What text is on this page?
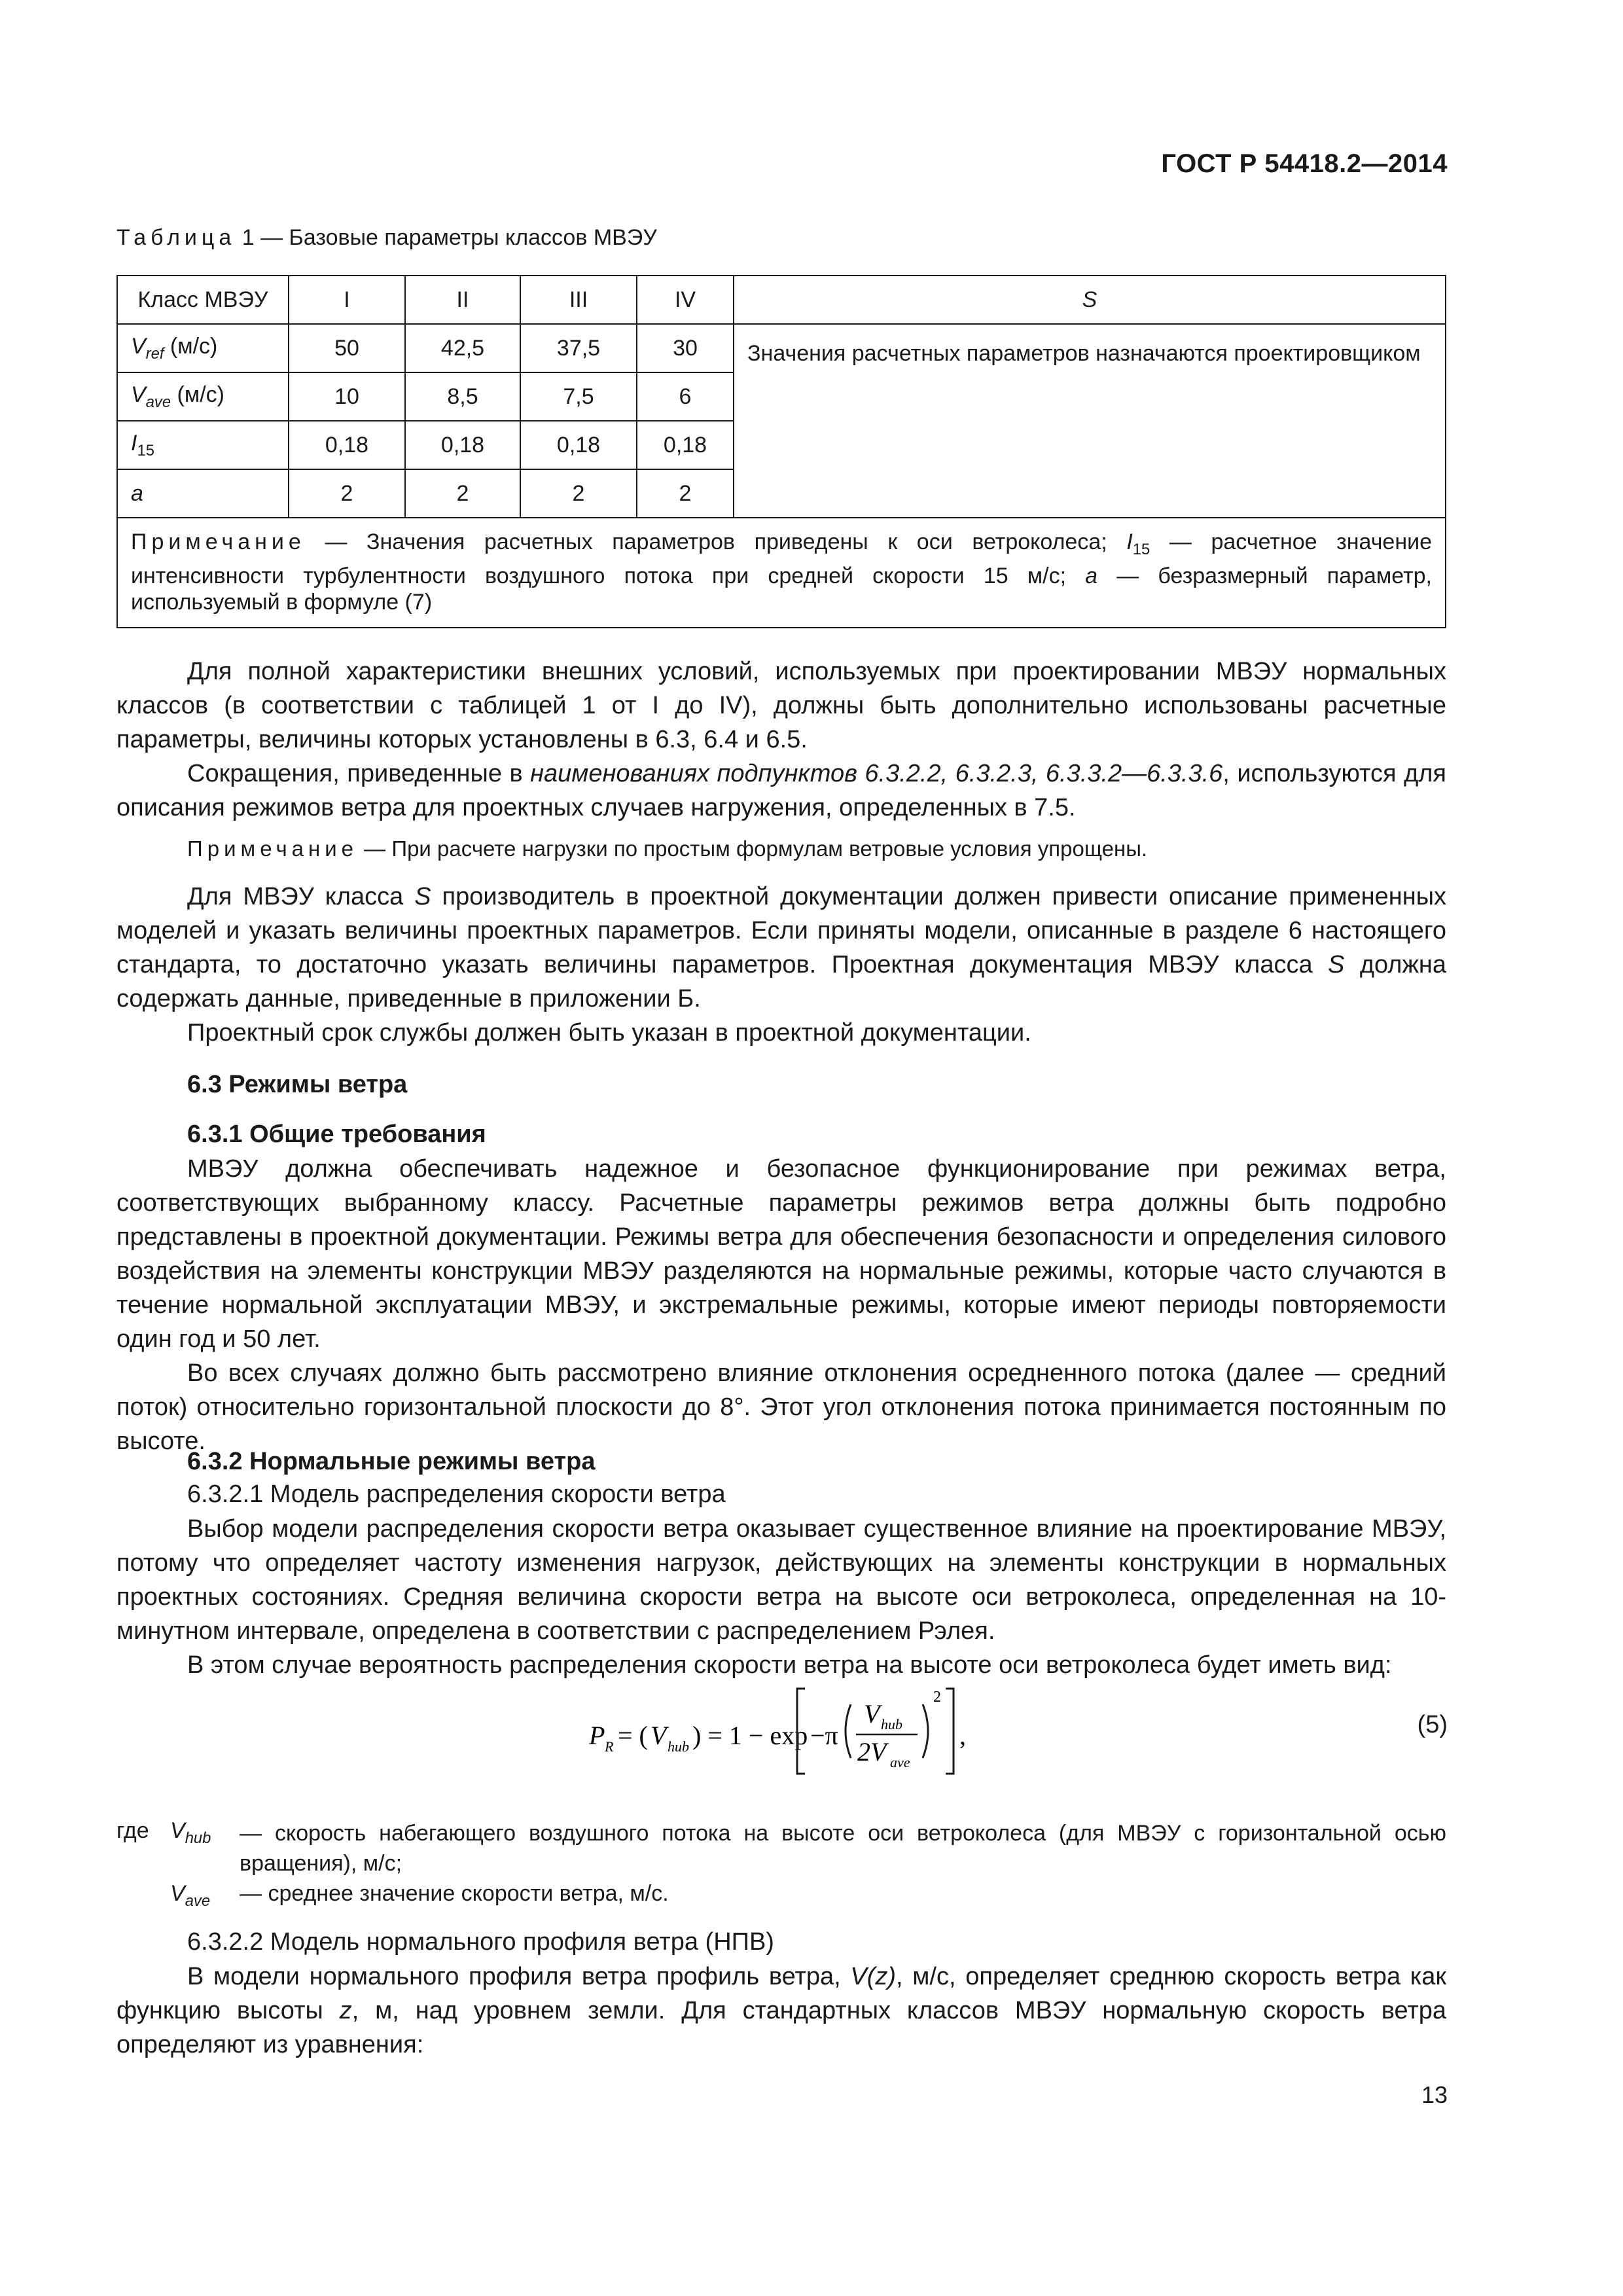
ГОСТ Р 54418.2—2014
Таблица 1 — Базовые параметры классов МВЭУ
Класс МВЭУ	I	II	III	IV	S
$V_{ref}$ (м/с)	50	42,5	37,5	30	Значения расчетных параметров назначаются проектировщиком
$V_{ave}$ (м/с)	10	8,5	7,5	6	
$I_{15}$	0,18	0,18	0,18	0,18	
a	2	2	2	2	
Примечание — Значения расчетных параметров приведены к оси ветроколеса; $I_{15}$ — расчетное значение интенсивности турбулентности воздушного потока при средней скорости 15 м/с; a — безразмерный параметр, используемый в формуле (7)					

Для полной характеристики внешних условий, используемых при проектировании МВЭУ нормальных классов (в соответствии с таблицей 1 от I до IV), должны быть дополнительно использованы расчетные параметры, величины которых установлены в 6.3, 6.4 и 6.5.

Сокращения, приведенные в наименованиях подпунктов 6.3.2.2, 6.3.2.3, 6.3.3.2—6.3.3.6, используются для описания режимов ветра для проектных случаев нагружения, определенных в 7.5.

Примечание — При расчете нагрузки по простым формулам ветровые условия упрощены.

Для МВЭУ класса S производитель в проектной документации должен привести описание примененных моделей и указать величины проектных параметров. Если приняты модели, описанные в разделе 6 настоящего стандарта, то достаточно указать величины параметров. Проектная документация МВЭУ класса S должна содержать данные, приведенные в приложении Б.

Проектный срок службы должен быть указан в проектной документации.

6.3 Режимы ветра
6.3.1 Общие требования

МВЭУ должна обеспечивать надежное и безопасное функционирование при режимах ветра, соответствующих выбранному классу. Расчетные параметры режимов ветра должны быть подробно представлены в проектной документации. Режимы ветра для обеспечения безопасности и определения силового воздействия на элементы конструкции МВЭУ разделяются на нормальные режимы, которые часто случаются в течение нормальной эксплуатации МВЭУ, и экстремальные режимы, которые имеют периоды повторяемости один год и 50 лет.

Во всех случаях должно быть рассмотрено влияние отклонения осредненного потока (далее — средний поток) относительно горизонтальной плоскости до 8°. Этот угол отклонения потока принимается постоянным по высоте.

6.3.2 Нормальные режимы ветра
6.3.2.1 Модель распределения скорости ветра

Выбор модели распределения скорости ветра оказывает существенное влияние на проектирование МВЭУ, потому что определяет частоту изменения нагрузок, действующих на элементы конструкции в нормальных проектных состояниях. Средняя величина скорости ветра на высоте оси ветроколеса, определенная на 10-минутном интервале, определена в соответствии с распределением Рэлея.

В этом случае вероятность распределения скорости ветра на высоте оси ветроколеса будет иметь вид:

P R = ( V hub ) = 1 − exp −π
V hub
2V ave
2
,	(5)
где $V_{hub}$ — скорость набегающего воздушного потока на высоте оси ветроколеса (для МВЭУ с горизонтальной осью вращения), м/с;
$V_{ave}$ — среднее значение скорости ветра, м/с.
6.3.2.2 Модель нормального профиля ветра (НПВ)

В модели нормального профиля ветра профиль ветра, V(z), м/с, определяет среднюю скорость ветра как функцию высоты z, м, над уровнем земли. Для стандартных классов МВЭУ нормальную скорость ветра определяют из уравнения:

13
